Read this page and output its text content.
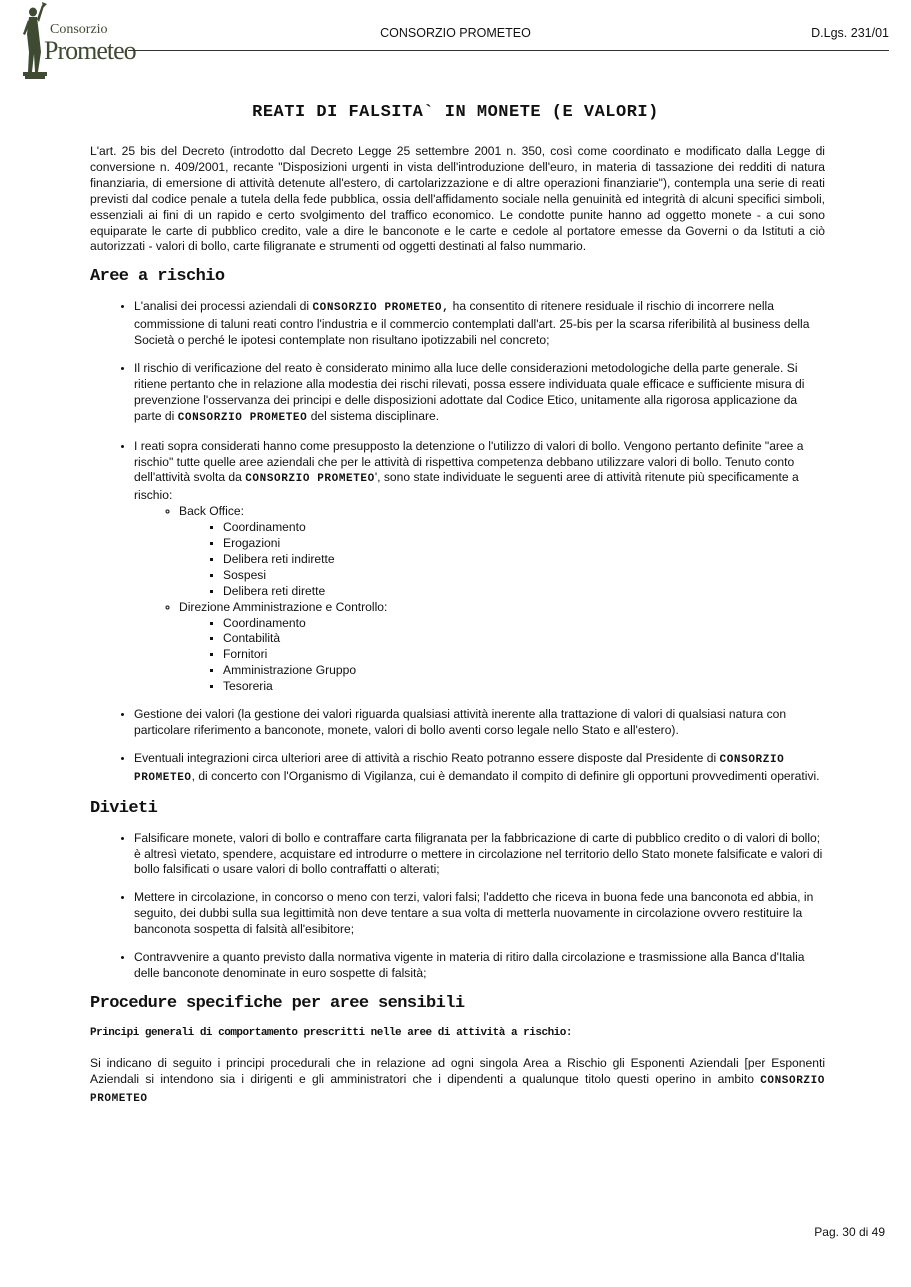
Consorzio
Prometeo
CONSORZIO PROMETEO	D.Lgs. 231/01
REATI DI FALSITA` IN MONETE (E VALORI)

L'art. 25 bis del Decreto (introdotto dal Decreto Legge 25 settembre 2001 n. 350, così come coordinato e modificato dalla Legge di conversione n. 409/2001, recante "Disposizioni urgenti in vista dell'introduzione dell'euro, in materia di tassazione dei redditi di natura finanziaria, di emersione di attività detenute all'estero, di cartolarizzazione e di altre operazioni finanziarie"), contempla una serie di reati previsti dal codice penale a tutela della fede pubblica, ossia dell'affidamento sociale nella genuinità ed integrità di alcuni specifici simboli, essenziali ai fini di un rapido e certo svolgimento del traffico economico. Le condotte punite hanno ad oggetto monete - a cui sono equiparate le carte di pubblico credito, vale a dire le banconote e le carte e cedole al portatore emesse da Governi o da Istituti a ciò autorizzati - valori di bollo, carte filigranate e strumenti od oggetti destinati al falso nummario.

Aree a rischio
• L'analisi dei processi aziendali di CONSORZIO PROMETEO, ha consentito di ritenere residuale il rischio di incorrere nella commissione di taluni reati contro l'industria e il commercio contemplati dall'art. 25-bis per la scarsa riferibilità al business della Società o perché le ipotesi contemplate non risultano ipotizzabili nel concreto;
• Il rischio di verificazione del reato è considerato minimo alla luce delle considerazioni metodologiche della parte generale. Si ritiene pertanto che in relazione alla modestia dei rischi rilevati, possa essere individuata quale efficace e sufficiente misura di prevenzione l'osservanza dei principi e delle disposizioni adottate dal Codice Etico, unitamente alla rigorosa applicazione da parte di CONSORZIO PROMETEO del sistema disciplinare.
• I reati sopra considerati hanno come presupposto la detenzione o l'utilizzo di valori di bollo. Vengono pertanto definite "aree a rischio" tutte quelle aree aziendali che per le attività di rispettiva competenza debbano utilizzare valori di bollo. Tenuto conto dell'attività svolta da CONSORZIO PROMETEO', sono state individuate le seguenti aree di attività ritenute più specificamente a rischio:
◦ Back Office:
▪ Coordinamento
▪ Erogazioni
▪ Delibera reti indirette
▪ Sospesi
▪ Delibera reti dirette
◦ Direzione Amministrazione e Controllo:
▪ Coordinamento
▪ Contabilità
▪ Fornitori
▪ Amministrazione Gruppo
▪ Tesoreria
• Gestione dei valori (la gestione dei valori riguarda qualsiasi attività inerente alla trattazione di valori di qualsiasi natura con particolare riferimento a banconote, monete, valori di bollo aventi corso legale nello Stato e all'estero).
• Eventuali integrazioni circa ulteriori aree di attività a rischio Reato potranno essere disposte dal Presidente di CONSORZIO PROMETEO, di concerto con l'Organismo di Vigilanza, cui è demandato il compito di definire gli opportuni provvedimenti operativi.
Divieti
• Falsificare monete, valori di bollo e contraffare carta filigranata per la fabbricazione di carte di pubblico credito o di valori di bollo; è altresì vietato, spendere, acquistare ed introdurre o mettere in circolazione nel territorio dello Stato monete falsificate e valori di bollo falsificati o usare valori di bollo contraffatti o alterati;
• Mettere in circolazione, in concorso o meno con terzi, valori falsi; l'addetto che riceva in buona fede una banconota ed abbia, in seguito, dei dubbi sulla sua legittimità non deve tentare a sua volta di metterla nuovamente in circolazione ovvero restituire la banconota sospetta di falsità all'esibitore;
• Contravvenire a quanto previsto dalla normativa vigente in materia di ritiro dalla circolazione e trasmissione alla Banca d'Italia delle banconote denominate in euro sospette di falsità;
Procedure specifiche per aree sensibili
Principi generali di comportamento prescritti nelle aree di attività a rischio:

Si indicano di seguito i principi procedurali che in relazione ad ogni singola Area a Rischio gli Esponenti Aziendali [per Esponenti Aziendali si intendono sia i dirigenti e gli amministratori che i dipendenti a qualunque titolo questi operino in ambito CONSORZIO PROMETEO

Pag. 30 di 49
